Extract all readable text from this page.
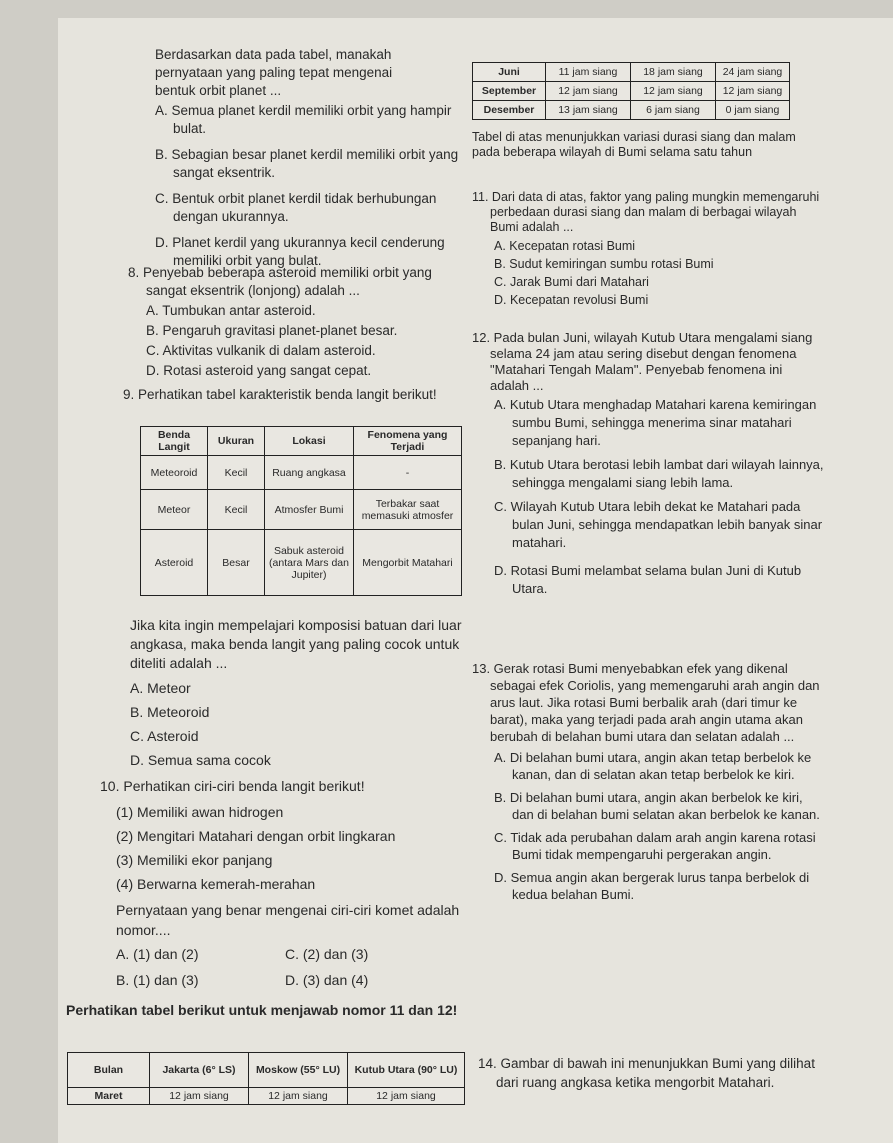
Berdasarkan data pada tabel, manakah

pernyataan yang paling tepat mengenai

bentuk orbit planet ...

A. Semua planet kerdil memiliki orbit yang hampir bulat.

B. Sebagian besar planet kerdil memiliki orbit yang sangat eksentrik.

C. Bentuk orbit planet kerdil tidak berhubungan dengan ukurannya.

D. Planet kerdil yang ukurannya kecil cenderung memiliki orbit yang bulat.

8. Penyebab beberapa asteroid memiliki orbit yang sangat eksentrik (lonjong) adalah ...

A. Tumbukan antar asteroid.

B. Pengaruh gravitasi planet-planet besar.

C. Aktivitas vulkanik di dalam asteroid.

D. Rotasi asteroid yang sangat cepat.

9. Perhatikan tabel karakteristik benda langit berikut!

Benda Langit	Ukuran	Lokasi	Fenomena yang Terjadi
Meteoroid	Kecil	Ruang angkasa	-
Meteor	Kecil	Atmosfer Bumi	Terbakar saat memasuki atmosfer
Asteroid	Besar	Sabuk asteroid (antara Mars dan Jupiter)	Mengorbit Matahari

Jika kita ingin mempelajari komposisi batuan dari luar angkasa, maka benda langit yang paling cocok untuk diteliti adalah ...

A. Meteor

B. Meteoroid

C. Asteroid

D. Semua sama cocok

10. Perhatikan ciri-ciri benda langit berikut!

(1) Memiliki awan hidrogen

(2) Mengitari Matahari dengan orbit lingkaran

(3) Memiliki ekor panjang

(4) Berwarna kemerah-merahan

Pernyataan yang benar mengenai ciri-ciri komet adalah nomor....

A. (1) dan (2)	C. (2) dan (3)
B. (1) dan (3)	D. (3) dan (4)

Perhatikan tabel berikut untuk menjawab nomor 11 dan 12!

Bulan	Jakarta (6° LS)	Moskow (55° LU)	Kutub Utara (90° LU)
Maret	12 jam siang	12 jam siang	12 jam siang
Juni	11 jam siang	18 jam siang	24 jam siang
September	12 jam siang	12 jam siang	12 jam siang
Desember	13 jam siang	6 jam siang	0 jam siang

Tabel di atas menunjukkan variasi durasi siang dan malam pada beberapa wilayah di Bumi selama satu tahun

11. Dari data di atas, faktor yang paling mungkin memengaruhi perbedaan durasi siang dan malam di berbagai wilayah Bumi adalah ...

A. Kecepatan rotasi Bumi

B. Sudut kemiringan sumbu rotasi Bumi

C. Jarak Bumi dari Matahari

D. Kecepatan revolusi Bumi

12. Pada bulan Juni, wilayah Kutub Utara mengalami siang selama 24 jam atau sering disebut dengan fenomena "Matahari Tengah Malam". Penyebab fenomena ini adalah ...

A. Kutub Utara menghadap Matahari karena kemiringan sumbu Bumi, sehingga menerima sinar matahari sepanjang hari.

B. Kutub Utara berotasi lebih lambat dari wilayah lainnya, sehingga mengalami siang lebih lama.

C. Wilayah Kutub Utara lebih dekat ke Matahari pada bulan Juni, sehingga mendapatkan lebih banyak sinar matahari.

D. Rotasi Bumi melambat selama bulan Juni di Kutub Utara.

13. Gerak rotasi Bumi menyebabkan efek yang dikenal sebagai efek Coriolis, yang memengaruhi arah angin dan arus laut. Jika rotasi Bumi berbalik arah (dari timur ke barat), maka yang terjadi pada arah angin utama akan berubah di belahan bumi utara dan selatan adalah ...

A. Di belahan bumi utara, angin akan tetap berbelok ke kanan, dan di selatan akan tetap berbelok ke kiri.

B. Di belahan bumi utara, angin akan berbelok ke kiri, dan di belahan bumi selatan akan berbelok ke kanan.

C. Tidak ada perubahan dalam arah angin karena rotasi Bumi tidak mempengaruhi pergerakan angin.

D. Semua angin akan bergerak lurus tanpa berbelok di kedua belahan Bumi.

14. Gambar di bawah ini menunjukkan Bumi yang dilihat dari ruang angkasa ketika mengorbit Matahari.
